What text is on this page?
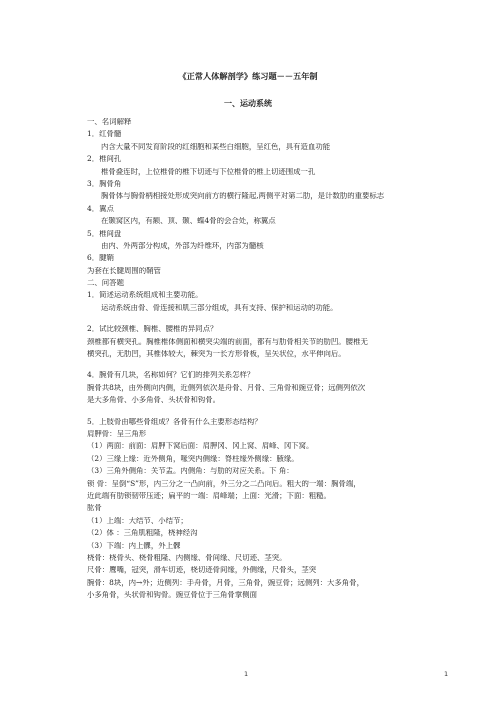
《正常人体解剖学》练习题－－五年制
一、运动系统
一、名词解释
1．红骨髓
内含大量不同发育阶段的红细胞和某些白细胞，呈红色，具有造血功能
2．椎间孔
椎骨叠连时，上位椎骨的椎下切迹与下位椎骨的椎上切迹围成一孔
3．胸骨角
胸骨体与胸骨柄相接处形成突向前方的横行隆起,两侧平对第二肋，是计数肋的重要标志
4．翼点
在颞窝区内，有额、顶、颞、蝶4骨的会合处，称翼点
5．椎间盘
由内、外两部分构成，外部为纤维环，内部为髓核
6．腱鞘
为套在长腱周围的鞘管
二、问答题
1．简述运动系统组成和主要功能。
运动系统由骨、骨连接和肌三部分组成，具有支持、保护和运动的功能。
2．试比较颈椎、胸椎、腰椎的异同点？
颈椎都有横突孔。胸椎椎体侧面和横突尖端的前面，都有与肋骨相关节的肋凹。腰椎无
横突孔，无肋凹，其椎体较大，棘突为一长方形骨板，呈矢状位，水平伸向后。
4．腕骨有几块，名称如何？它们的排列关系怎样？
腕骨共8块，由外侧向内侧，近侧列依次是舟骨、月骨、三角骨和豌豆骨；远侧列依次
是大多角骨、小多角骨、头状骨和钩骨。
5．上肢骨由哪些骨组成？各骨有什么主要形态结构？
肩胛骨：呈三角形
（1）两面：前面：肩胛下窝后面：肩胛冈、冈上窝、肩峰、冈下窝。
（2）三缘上缘：近外侧角，喙突内侧缘：脊柱缘外侧缘：腋缘。
（3）三角外侧角：关节盂。内侧角：与肋的对应关系。下 角：
锁 骨：呈倒“S”形，内三分之一凸向前，外三分之二凸向后。粗大的一端：胸骨端，
近此端有肋锁韧带压迹；扁平的一端：肩峰端；上面：光滑；下面：粗糙。
肱骨
（1）上端：大结节、小结节；
（2）体 ：三角肌粗隆，桡神经沟
（3）下端：内上髁，外上髁
桡骨：桡骨头、桡骨粗隆、内侧缘、骨间缘、尺切迹、茎突。
尺骨：鹰嘴，冠突，滑车切迹，桡切迹骨间缘，外侧缘，尺骨头，茎突
腕骨：8块，内→外；近侧列：手舟骨，月骨，三角骨，豌豆骨；远侧列：大多角骨，
小多角骨，头状骨和钩骨。豌豆骨位于三角骨掌侧面
1	1
